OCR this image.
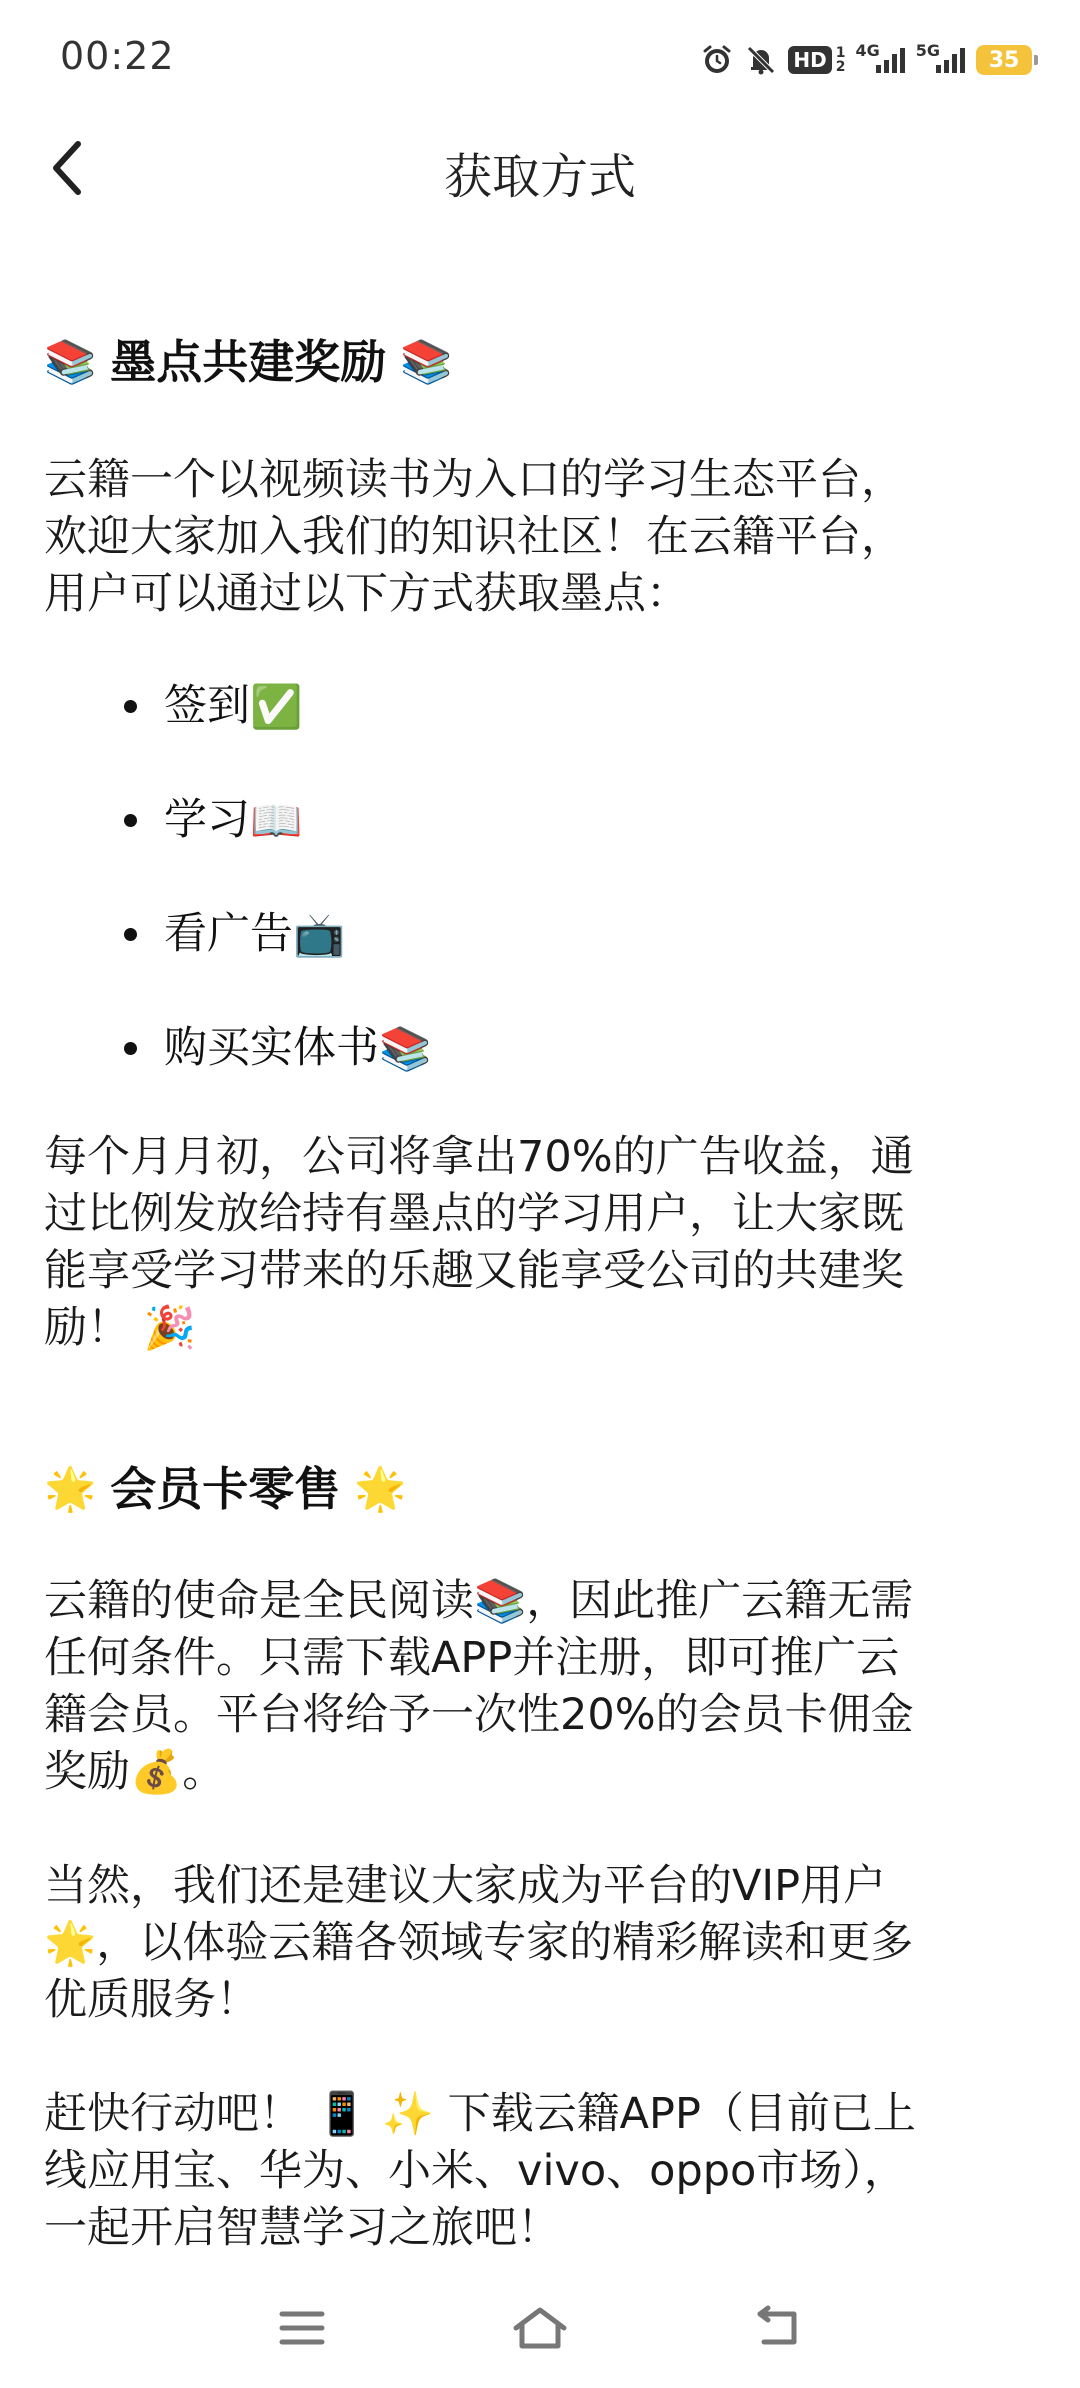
00:22	HD 1
2
4G 5G	35
获取方式
📚 墨点共建奖励 📚

云籍一个以视频读书为入口的学习生态平台，

欢迎大家加入我们的知识社区！在云籍平台，

用户可以通过以下方式获取墨点：

签到 ✅
学习 📖
看广告 📺
购买实体书 📚

每个月月初，公司将拿出70%的广告收益，通

过比例发放给持有墨点的学习用户，让大家既

能享受学习带来的乐趣又能享受公司的共建奖

励！ 🎉

🌟 会员卡零售 🌟

云籍的使命是全民阅读📚，因此推广云籍无需

任何条件。只需下载APP并注册，即可推广云

籍会员。平台将给予一次性20%的会员卡佣金

奖励💰。

当然，我们还是建议大家成为平台的VIP用户

🌟，以体验云籍各领域专家的精彩解读和更多

优质服务！

赶快行动吧！ 📱 ✨ 下载云籍APP（目前已上

线应用宝、华为、小米、vivo、oppo市场），

一起开启智慧学习之旅吧！
